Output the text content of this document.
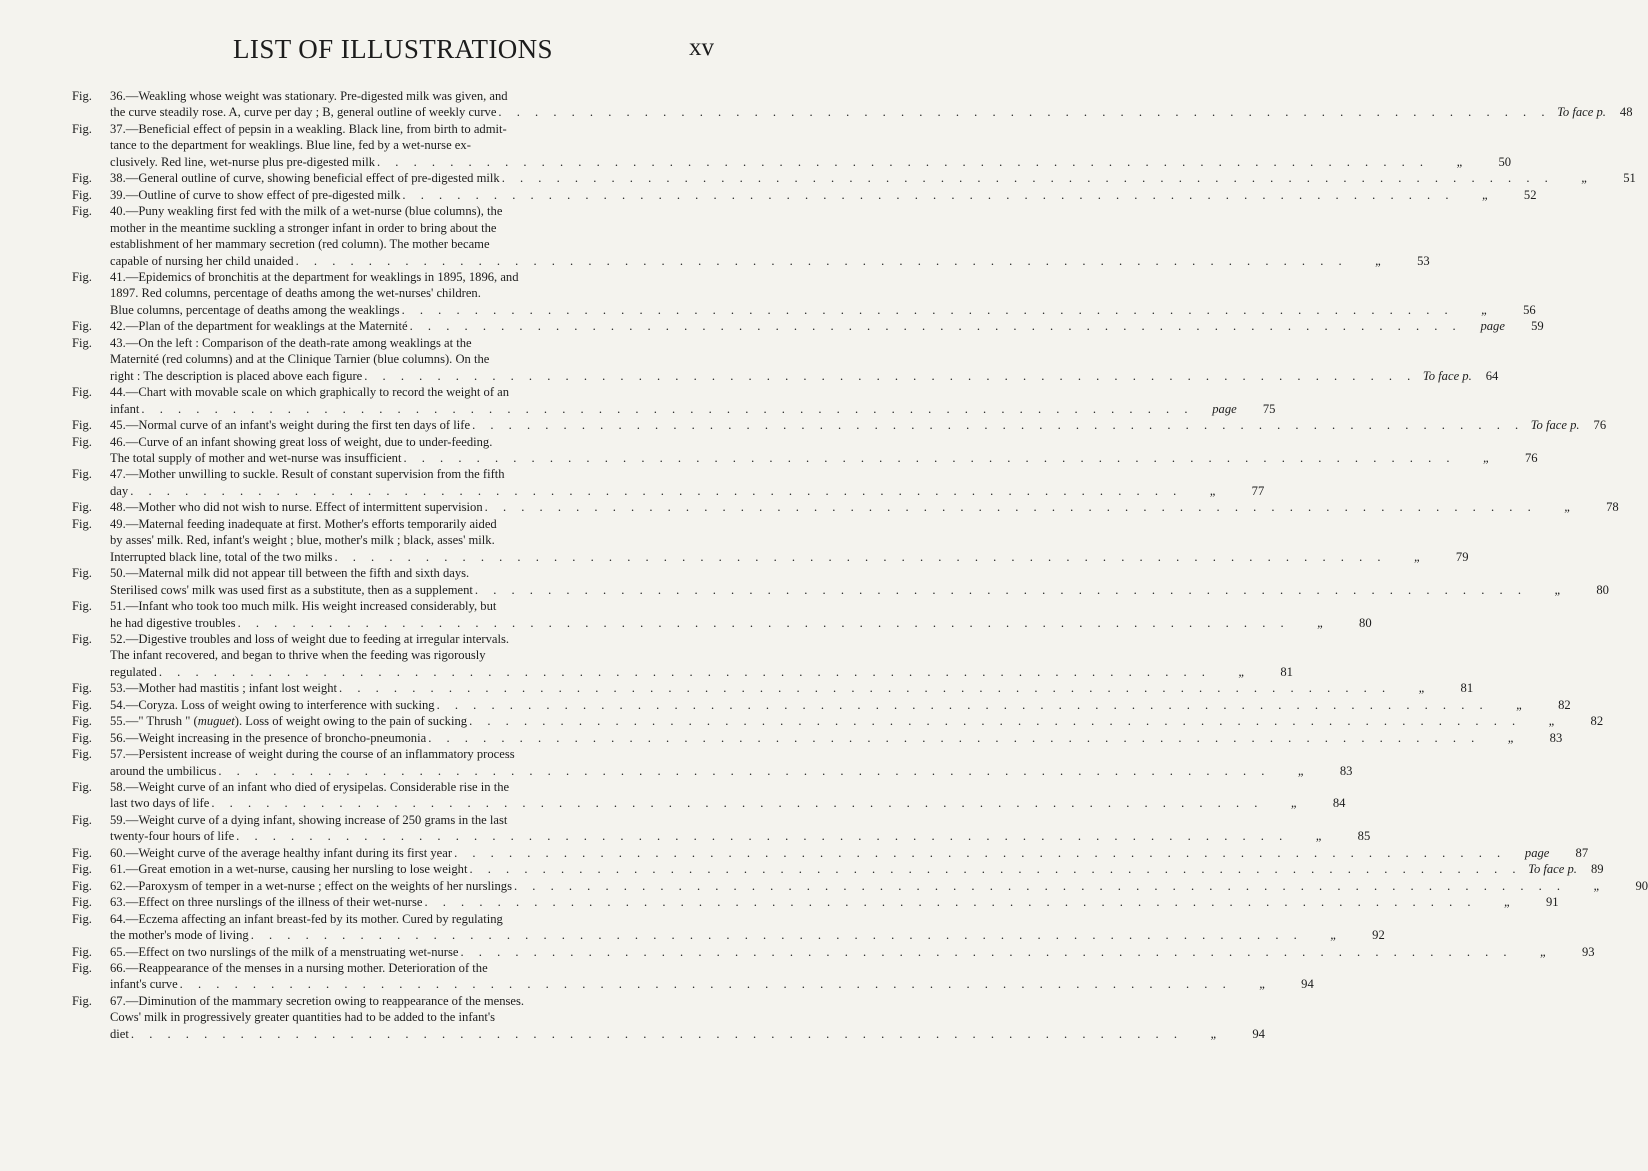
LIST OF ILLUSTRATIONS	xv
Fig.	36. —Weakling whose weight was stationary. Pre-digested milk was given, and
the curve steadily rose. A, curve per day ; B, general outline of weekly curve . . . . . . . . . . . . . . . . . . . . . . . . . . . . . . . . . . . . . . . . . . . . . . . . . . . . . . . . . . To face p.	48
Fig.	37. —Beneficial effect of pepsin in a weakling. Black line, from birth to admit-
tance to the department for weaklings. Blue line, fed by a wet-nurse ex-
clusively. Red line, wet-nurse plus pre-digested milk . . . . . . . . . . . . . . . . . . . . . . . . . . . . . . . . . . . . . . . . . . . . . . . . . . . . . . . . . .	„	50
Fig.	38. —General outline of curve, showing beneficial effect of pre-digested milk . . . . . . . . . . . . . . . . . . . . . . . . . . . . . . . . . . . . . . . . . . . . . . . . . . . . . . . . . .	„	51
Fig.	39. —Outline of curve to show effect of pre-digested milk . . . . . . . . . . . . . . . . . . . . . . . . . . . . . . . . . . . . . . . . . . . . . . . . . . . . . . . . . .	„	52
Fig.	40. —Puny weakling first fed with the milk of a wet-nurse (blue columns), the
mother in the meantime suckling a stronger infant in order to bring about the
establishment of her mammary secretion (red column). The mother became
capable of nursing her child unaided . . . . . . . . . . . . . . . . . . . . . . . . . . . . . . . . . . . . . . . . . . . . . . . . . . . . . . . . . .	„	53
Fig.	41. —Epidemics of bronchitis at the department for weaklings in 1895, 1896, and
1897. Red columns, percentage of deaths among the wet-nurses' children.
Blue columns, percentage of deaths among the weaklings . . . . . . . . . . . . . . . . . . . . . . . . . . . . . . . . . . . . . . . . . . . . . . . . . . . . . . . . . .	„	56
Fig.	42. —Plan of the department for weaklings at the Maternité . . . . . . . . . . . . . . . . . . . . . . . . . . . . . . . . . . . . . . . . . . . . . . . . . . . . . . . . . .	page	59
Fig.	43. —On the left : Comparison of the death-rate among weaklings at the
Maternité (red columns) and at the Clinique Tarnier (blue columns). On the
right : The description is placed above each figure . . . . . . . . . . . . . . . . . . . . . . . . . . . . . . . . . . . . . . . . . . . . . . . . . . . . . . . . . . To face p.	64
Fig.	44. —Chart with movable scale on which graphically to record the weight of an
infant . . . . . . . . . . . . . . . . . . . . . . . . . . . . . . . . . . . . . . . . . . . . . . . . . . . . . . . . . .	page	75
Fig.	45. —Normal curve of an infant's weight during the first ten days of life . . . . . . . . . . . . . . . . . . . . . . . . . . . . . . . . . . . . . . . . . . . . . . . . . . . . . . . . . . To face p.	76
Fig.	46. —Curve of an infant showing great loss of weight, due to under-feeding.
The total supply of mother and wet-nurse was insufficient . . . . . . . . . . . . . . . . . . . . . . . . . . . . . . . . . . . . . . . . . . . . . . . . . . . . . . . . . .	„	76
Fig.	47. —Mother unwilling to suckle. Result of constant supervision from the fifth
day . . . . . . . . . . . . . . . . . . . . . . . . . . . . . . . . . . . . . . . . . . . . . . . . . . . . . . . . . .	„	77
Fig.	48. —Mother who did not wish to nurse. Effect of intermittent supervision . . . . . . . . . . . . . . . . . . . . . . . . . . . . . . . . . . . . . . . . . . . . . . . . . . . . . . . . . .	„	78
Fig.	49. —Maternal feeding inadequate at first. Mother's efforts temporarily aided
by asses' milk. Red, infant's weight ; blue, mother's milk ; black, asses' milk.
Interrupted black line, total of the two milks . . . . . . . . . . . . . . . . . . . . . . . . . . . . . . . . . . . . . . . . . . . . . . . . . . . . . . . . . .	„	79
Fig.	50. —Maternal milk did not appear till between the fifth and sixth days.
Sterilised cows' milk was used first as a substitute, then as a supplement . . . . . . . . . . . . . . . . . . . . . . . . . . . . . . . . . . . . . . . . . . . . . . . . . . . . . . . . . .	„	80
Fig.	51. —Infant who took too much milk. His weight increased considerably, but
he had digestive troubles . . . . . . . . . . . . . . . . . . . . . . . . . . . . . . . . . . . . . . . . . . . . . . . . . . . . . . . . . .	„	80
Fig.	52. —Digestive troubles and loss of weight due to feeding at irregular intervals.
The infant recovered, and began to thrive when the feeding was rigorously
regulated . . . . . . . . . . . . . . . . . . . . . . . . . . . . . . . . . . . . . . . . . . . . . . . . . . . . . . . . . .	„	81
Fig.	53. —Mother had mastitis ; infant lost weight . . . . . . . . . . . . . . . . . . . . . . . . . . . . . . . . . . . . . . . . . . . . . . . . . . . . . . . . . .	„	81
Fig.	54. —Coryza. Loss of weight owing to interference with sucking . . . . . . . . . . . . . . . . . . . . . . . . . . . . . . . . . . . . . . . . . . . . . . . . . . . . . . . . . .	„	82
Fig.	55. —" Thrush " (muguet). Loss of weight owing to the pain of sucking . . . . . . . . . . . . . . . . . . . . . . . . . . . . . . . . . . . . . . . . . . . . . . . . . . . . . . . . . .	„	82
Fig.	56. —Weight increasing in the presence of broncho-pneumonia . . . . . . . . . . . . . . . . . . . . . . . . . . . . . . . . . . . . . . . . . . . . . . . . . . . . . . . . . .	„	83
Fig.	57. —Persistent increase of weight during the course of an inflammatory process
around the umbilicus . . . . . . . . . . . . . . . . . . . . . . . . . . . . . . . . . . . . . . . . . . . . . . . . . . . . . . . . . .	„	83
Fig.	58. —Weight curve of an infant who died of erysipelas. Considerable rise in the
last two days of life . . . . . . . . . . . . . . . . . . . . . . . . . . . . . . . . . . . . . . . . . . . . . . . . . . . . . . . . . .	„	84
Fig.	59. —Weight curve of a dying infant, showing increase of 250 grams in the last
twenty-four hours of life . . . . . . . . . . . . . . . . . . . . . . . . . . . . . . . . . . . . . . . . . . . . . . . . . . . . . . . . . .	„	85
Fig.	60. —Weight curve of the average healthy infant during its first year . . . . . . . . . . . . . . . . . . . . . . . . . . . . . . . . . . . . . . . . . . . . . . . . . . . . . . . . . .	page	87
Fig.	61. —Great emotion in a wet-nurse, causing her nursling to lose weight . . . . . . . . . . . . . . . . . . . . . . . . . . . . . . . . . . . . . . . . . . . . . . . . . . . . . . . . . . To face p.	89
Fig.	62. —Paroxysm of temper in a wet-nurse ; effect on the weights of her nurslings . . . . . . . . . . . . . . . . . . . . . . . . . . . . . . . . . . . . . . . . . . . . . . . . . . . . . . . . . .	„	90
Fig.	63. —Effect on three nurslings of the illness of their wet-nurse . . . . . . . . . . . . . . . . . . . . . . . . . . . . . . . . . . . . . . . . . . . . . . . . . . . . . . . . . .	„	91
Fig.	64. —Eczema affecting an infant breast-fed by its mother. Cured by regulating
the mother's mode of living . . . . . . . . . . . . . . . . . . . . . . . . . . . . . . . . . . . . . . . . . . . . . . . . . . . . . . . . . .	„	92
Fig.	65. —Effect on two nurslings of the milk of a menstruating wet-nurse . . . . . . . . . . . . . . . . . . . . . . . . . . . . . . . . . . . . . . . . . . . . . . . . . . . . . . . . . .	„	93
Fig.	66. —Reappearance of the menses in a nursing mother. Deterioration of the
infant's curve . . . . . . . . . . . . . . . . . . . . . . . . . . . . . . . . . . . . . . . . . . . . . . . . . . . . . . . . . .	„	94
Fig.	67. —Diminution of the mammary secretion owing to reappearance of the menses.
Cows' milk in progressively greater quantities had to be added to the infant's
diet . . . . . . . . . . . . . . . . . . . . . . . . . . . . . . . . . . . . . . . . . . . . . . . . . . . . . . . . . .	„	94
